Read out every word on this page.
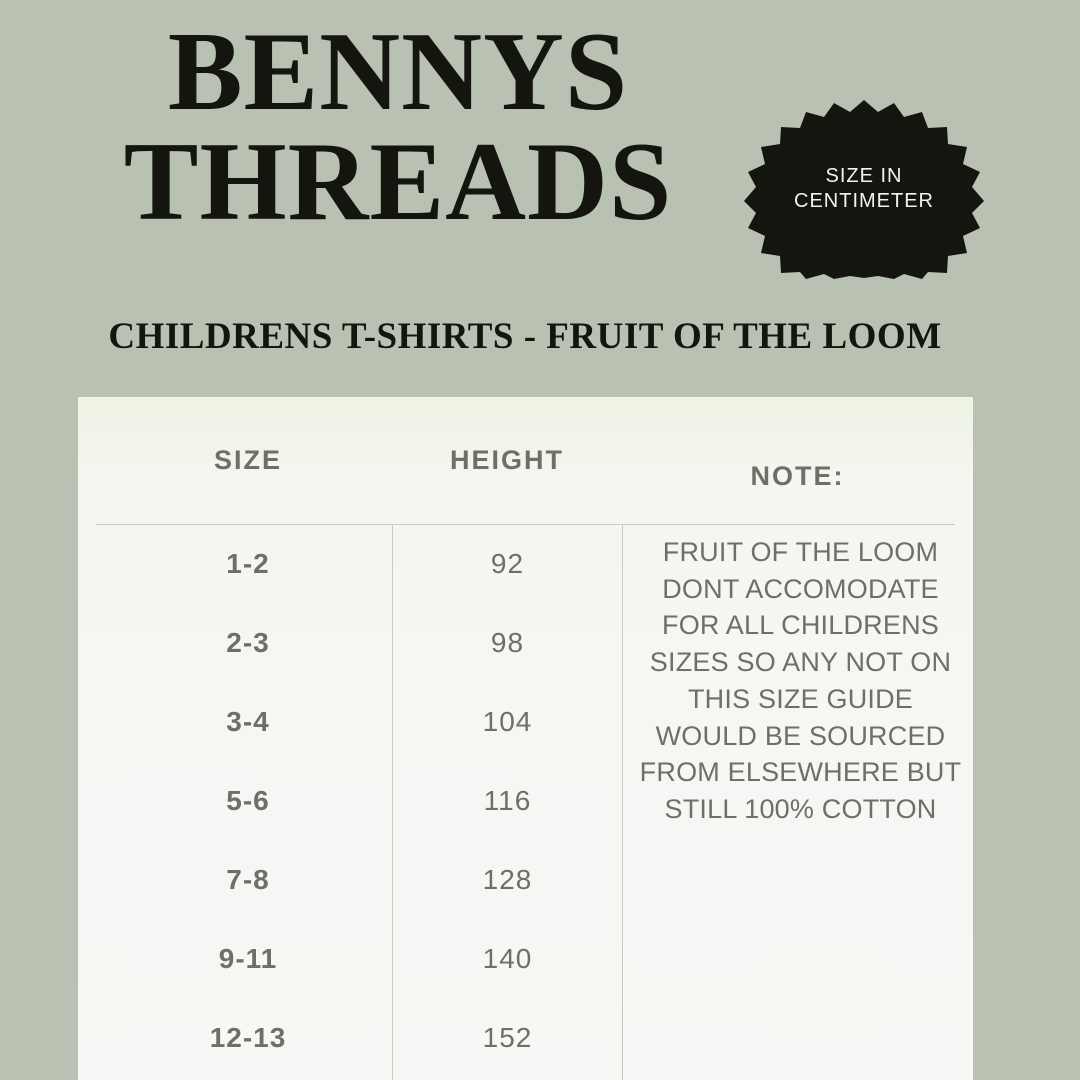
BENNYS
THREADS
CHILDRENS T-SHIRTS - FRUIT OF THE LOOM
SIZE IN
CENTIMETER
SIZE	HEIGHT
NOTE:
1-2	92
2-3	98
3-4	104
5-6	116
7-8	128
9-11	140
12-13	152
FRUIT OF THE LOOM DONT ACCOMODATE FOR ALL CHILDRENS SIZES SO ANY NOT ON THIS SIZE GUIDE WOULD BE SOURCED FROM ELSEWHERE BUT STILL 100% COTTON
